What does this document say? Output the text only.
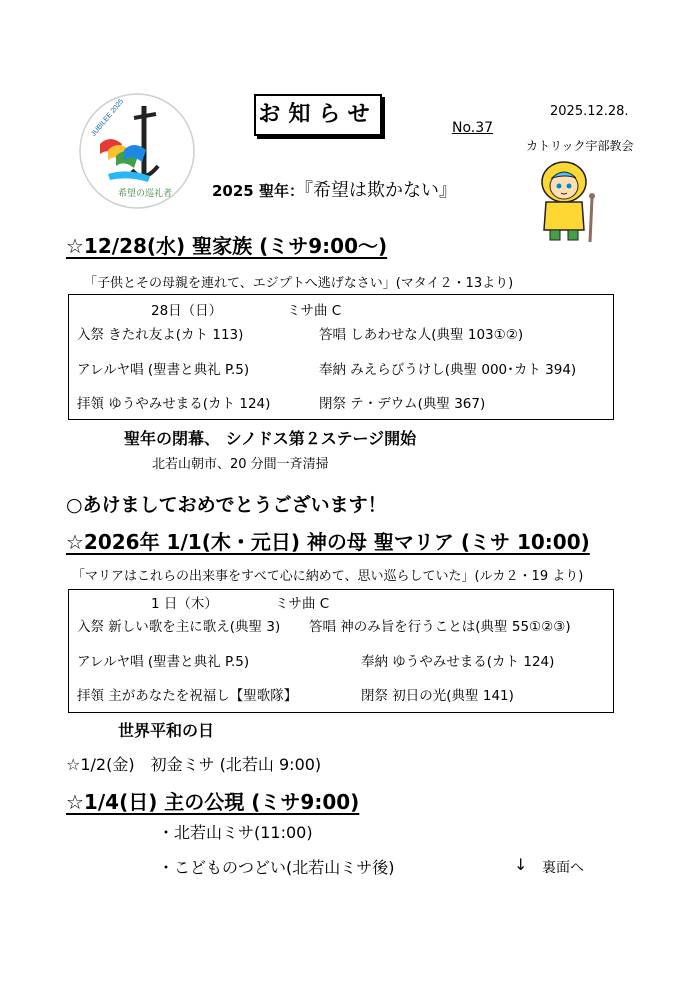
JUBILEE 2025
希望の巡礼者
お知らせ
No.37
2025.12.28.
カトリック宇部教会
2025 聖年：『希望は欺かない』
☆12/28(水) 聖家族 (ミサ9:00～)
「子供とその母親を連れて、エジプトへ逃げなさい」(マタイ２・13より)
28日（日）	ミサ曲 C
入祭 きたれ友よ(カト 113)	答唱 しあわせな人(典聖 103①②)
アレルヤ唱 (聖書と典礼 P.5)	奉納 みえらびうけし(典聖 000･カト 394)
拝領 ゆうやみせまる(カト 124)	閉祭 テ・デウム(典聖 367)
聖年の閉幕、 シノドス第２ステージ開始
北若山朝市、20 分間一斉清掃
○あけましておめでとうございます！
☆2026年 1/1(木・元日) 神の母 聖マリア (ミサ 10:00)
「マリアはこれらの出来事をすべて心に納めて、思い巡らしていた」(ルカ２・19 より)
1 日（木）	ミサ曲 C
入祭 新しい歌を主に歌え(典聖 3) 答唱 神のみ旨を行うことは(典聖 55①②③)
アレルヤ唱 (聖書と典礼 P.5)	奉納 ゆうやみせまる(カト 124)
拝領 主があなたを祝福し【聖歌隊】	閉祭 初日の光(典聖 141)
世界平和の日
☆1/2(金)　初金ミサ (北若山 9:00)
☆1/4(日) 主の公現 (ミサ9:00)
・北若山ミサ(11:00)
・こどものつどい(北若山ミサ後)	↓ 裏面へ
